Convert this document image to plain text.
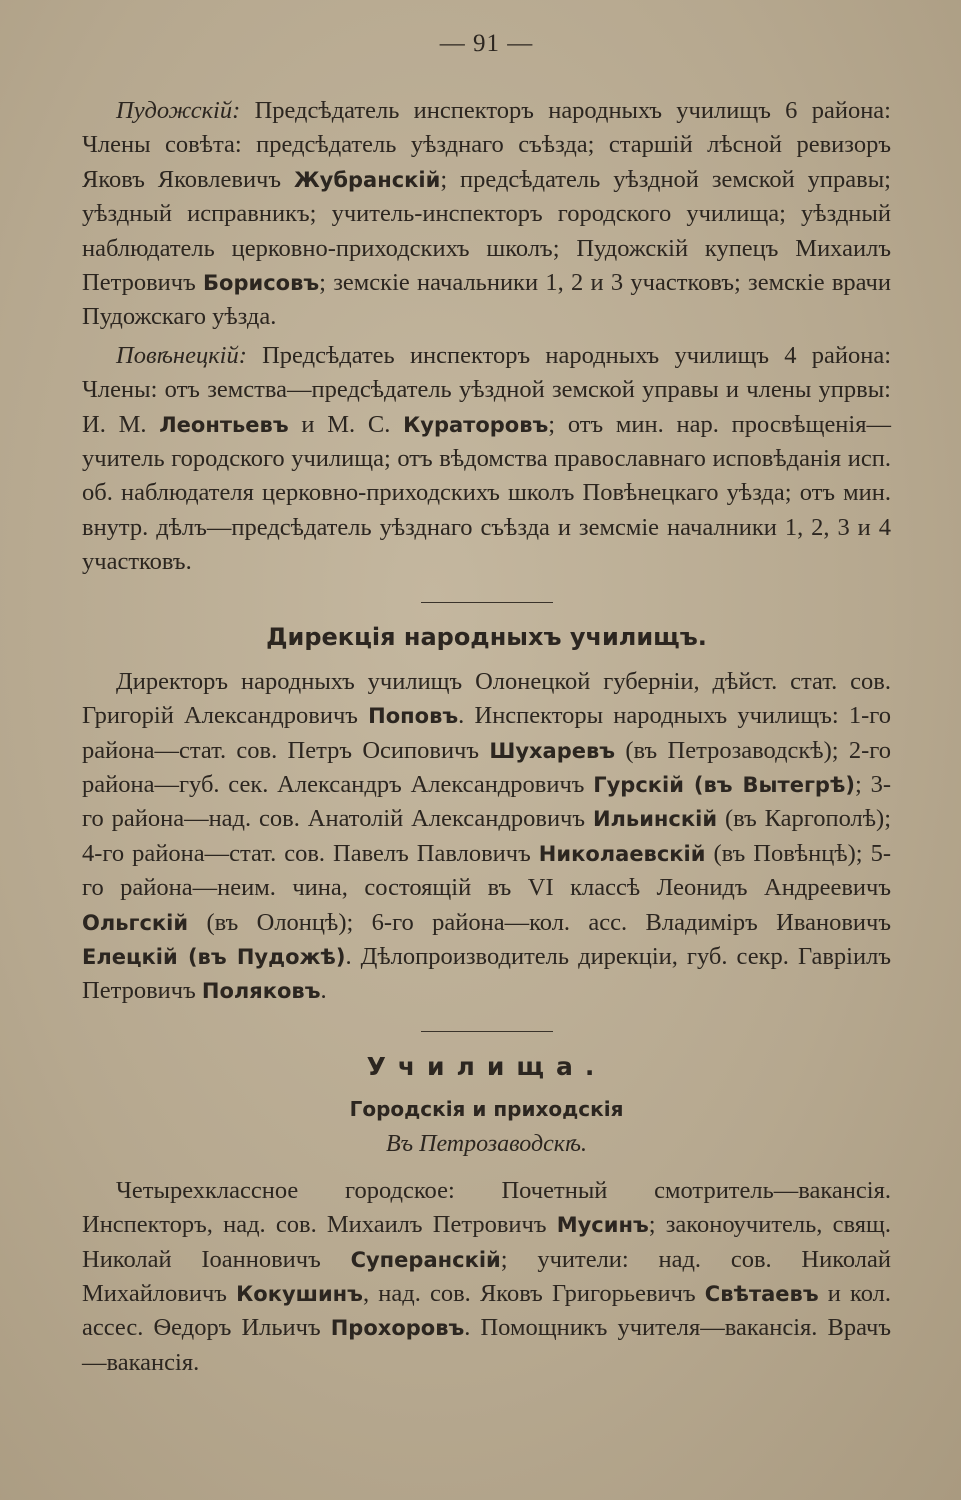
— 91 —

Пудожскій: Предсѣдатель инспекторъ народныхъ училищъ 6 района: Члены совѣта: предсѣдатель уѣзднаго съѣзда; старшій лѣсной ревизоръ Яковъ Яковлевичъ Жубранскій; предсѣдатель уѣздной земской управы; уѣздный исправникъ; учитель-инспекторъ городского училища; уѣздный наблюдатель церковно-приходскихъ школъ; Пудожскій купецъ Михаилъ Петровичъ Борисовъ; земскіе начальники 1, 2 и 3 участковъ; земскіе врачи Пудожскаго уѣзда.

Повѣнецкій: Предсѣдатеь инспекторъ народныхъ училищъ 4 района: Члены: отъ земства—предсѣдатель уѣздной земской управы и члены упрвы: И. М. Леонтьевъ и М. С. Кураторовъ; отъ мин. нар. просвѣщенія—учитель городского училища; отъ вѣдомства православнаго исповѣданія исп. об. наблюдателя церковно-приходскихъ школъ Повѣнецкаго уѣзда; отъ мин. внутр. дѣлъ—предсѣдатель уѣзднаго съѣзда и земсміе началники 1, 2, 3 и 4 участковъ.

Дирекція народныхъ училищъ.

Директоръ народныхъ училищъ Олонецкой губерніи, дѣйст. стат. сов. Григорій Александровичъ Поповъ. Инспекторы народныхъ училищъ: 1-го района—стат. сов. Петръ Осиповичъ Шухаревъ (въ Петрозаводскѣ); 2-го района—губ. сек. Александръ Александровичъ Гурскій (въ Вытегрѣ); 3-го района—над. сов. Анатолій Александровичъ Ильинскій (въ Каргополѣ); 4-го района—стат. сов. Павелъ Павловичъ Николаевскій (въ Повѣнцѣ); 5-го района—неим. чина, состоящій въ VI классѣ Леонидъ Андреевичъ Ольгскій (въ Олонцѣ); 6-го района—кол. асс. Владиміръ Ивановичъ Елецкій (въ Пудожѣ). Дѣлопроизводитель дирекціи, губ. секр. Гавріилъ Петровичъ Поляковъ.

Училища.
Городскія и приходскія
Въ Петрозаводскѣ.

Четырехклассное городское: Почетный смотритель—вакансія. Инспекторъ, над. сов. Михаилъ Петровичъ Мусинъ; законоучитель, свящ. Николай Іоанновичъ Суперанскій; учители: над. сов. Николай Михайловичъ Кокушинъ, над. сов. Яковъ Григорьевичъ Свѣтаевъ и кол. ассес. Ѳедоръ Ильичъ Прохоровъ. Помощникъ учителя—вакансія. Врачъ—вакансія.
